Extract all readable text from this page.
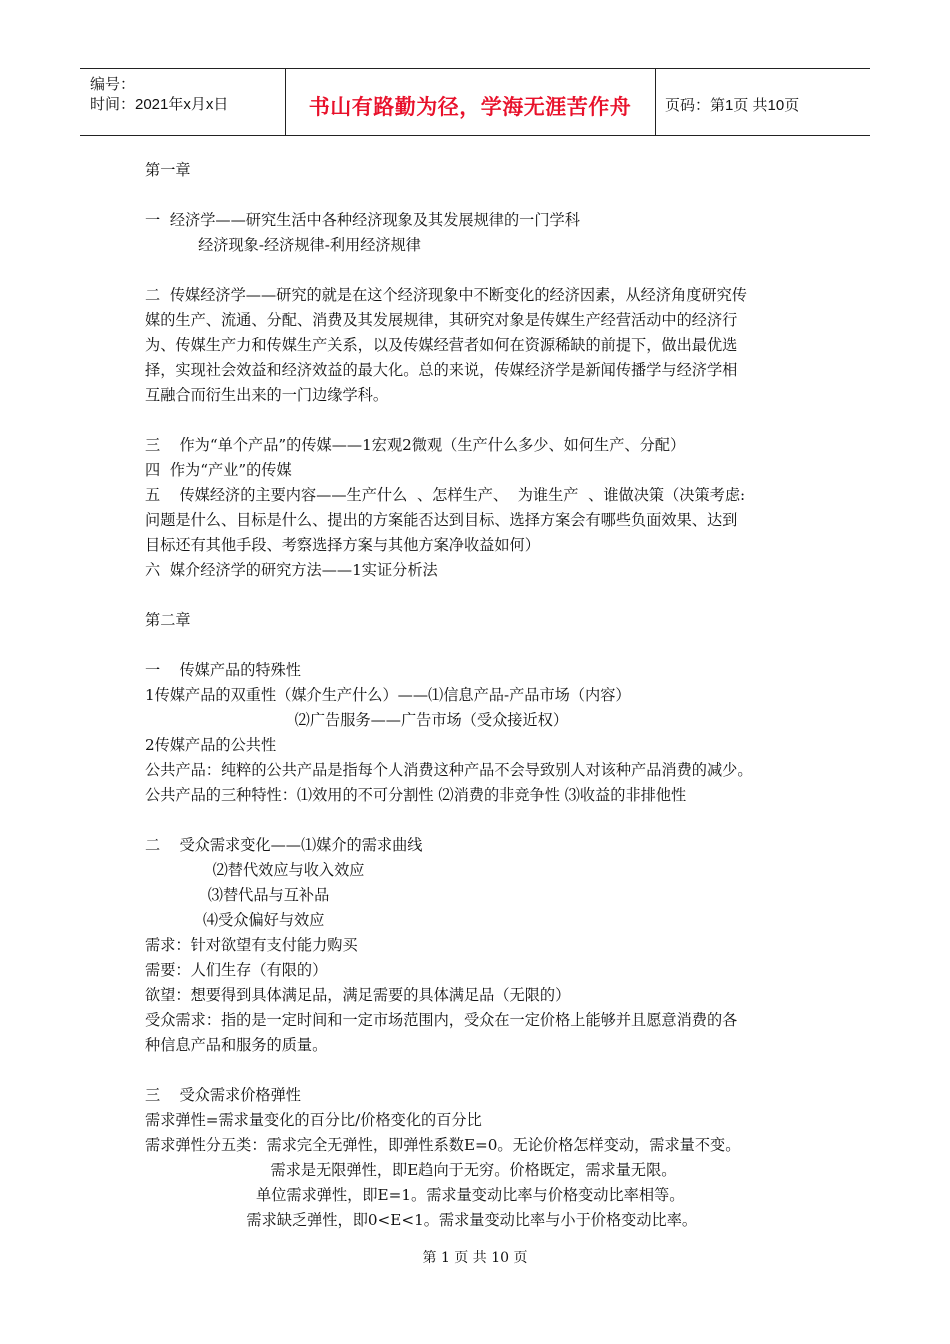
编号：
时间：2021年x月x日	书山有路勤为径，学海无涯苦作舟	页码：第1页 共10页
第一章
一  经济学——研究生活中各种经济现象及其发展规律的一门学科
经济现象-经济规律-利用经济规律
二  传媒经济学——研究的就是在这个经济现象中不断变化的经济因素，从经济角度研究传
媒的生产、流通、分配、消费及其发展规律，其研究对象是传媒生产经营活动中的经济行
为、传媒生产力和传媒生产关系，以及传媒经营者如何在资源稀缺的前提下，做出最优选
择，实现社会效益和经济效益的最大化。总的来说，传媒经济学是新闻传播学与经济学相
互融合而衍生出来的一门边缘学科。
三    作为“单个产品”的传媒——1宏观2微观（生产什么多少、如何生产、分配）
四  作为“产业”的传媒
五    传媒经济的主要内容——生产什么  、怎样生产、  为谁生产  、谁做决策（决策考虑:
问题是什么、目标是什么、提出的方案能否达到目标、选择方案会有哪些负面效果、达到
目标还有其他手段、考察选择方案与其他方案净收益如何）
六  媒介经济学的研究方法——1实证分析法
第二章
一    传媒产品的特殊性
1传媒产品的双重性（媒介生产什么）——⑴信息产品-产品市场（内容）
⑵广告服务——广告市场（受众接近权）
2传媒产品的公共性
公共产品：纯粹的公共产品是指每个人消费这种产品不会导致别人对该种产品消费的减少。
公共产品的三种特性：⑴效用的不可分割性 ⑵消费的非竞争性 ⑶收益的非排他性
二    受众需求变化——⑴媒介的需求曲线
⑵替代效应与收入效应
⑶替代品与互补品
⑷受众偏好与效应
需求：针对欲望有支付能力购买
需要：人们生存（有限的）
欲望：想要得到具体满足品，满足需要的具体满足品（无限的）
受众需求：指的是一定时间和一定市场范围内，受众在一定价格上能够并且愿意消费的各
种信息产品和服务的质量。
三    受众需求价格弹性
需求弹性=需求量变化的百分比/价格变化的百分比
需求弹性分五类：需求完全无弹性，即弹性系数E=0。无论价格怎样变动，需求量不变。
需求是无限弹性，即E趋向于无穷。价格既定，需求量无限。
单位需求弹性，即E=1。需求量变动比率与价格变动比率相等。
需求缺乏弹性，即0<E<1。需求量变动比率与小于价格变动比率。
第 1 页 共 10 页
